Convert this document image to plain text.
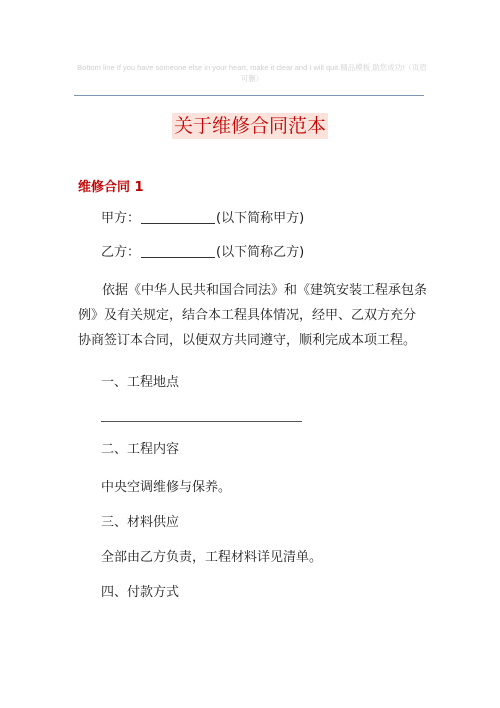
Bottom line If you have someone else in your heart, make it clear and I will quit.精品模板 助您成功!（页眉可删）
关于维修合同范本
维修合同 1
甲方：	(以下简称甲方)
乙方：	(以下简称乙方)
依据《中华人民共和国合同法》和《建筑安装工程承包条例》及有关规定，结合本工程具体情况，经甲、乙双方充分协商签订本合同，以便双方共同遵守，顺利完成本项工程。
一、工程地点
二、工程内容
中央空调维修与保养。
三、材料供应
全部由乙方负责，工程材料详见清单。
四、付款方式
